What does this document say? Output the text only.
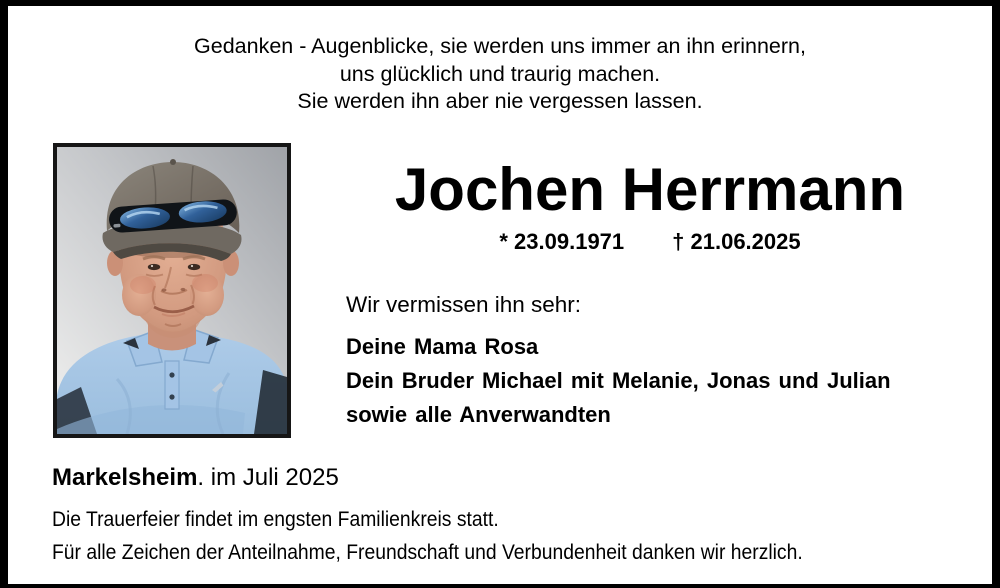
Gedanken - Augenblicke, sie werden uns immer an ihn erinnern,
uns glücklich und traurig machen.
Sie werden ihn aber nie vergessen lassen.
Jochen Herrmann
* 23.09.1971 † 21.06.2025
Wir vermissen ihn sehr:
Deine Mama Rosa
Dein Bruder Michael mit Melanie, Jonas und Julian
sowie alle Anverwandten
Markelsheim. im Juli 2025
Die Trauerfeier findet im engsten Familienkreis statt.
Für alle Zeichen der Anteilnahme, Freundschaft und Verbundenheit danken wir herzlich.
